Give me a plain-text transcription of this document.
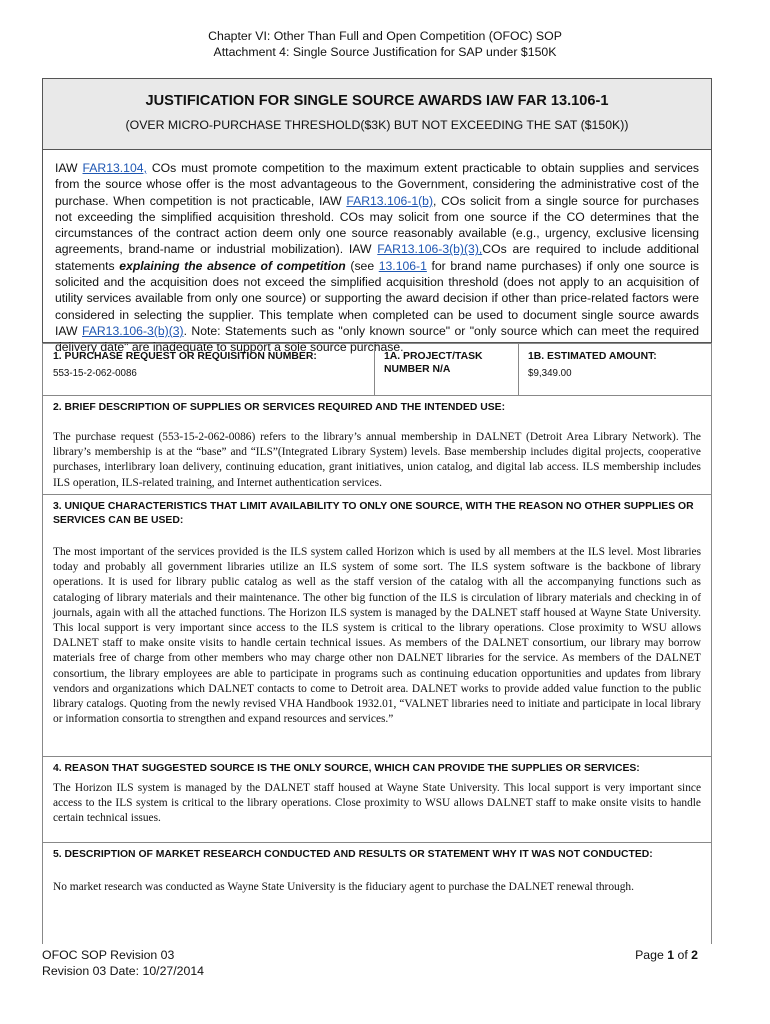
Chapter VI: Other Than Full and Open Competition (OFOC) SOP
Attachment 4: Single Source Justification for SAP under $150K
JUSTIFICATION FOR SINGLE SOURCE AWARDS IAW FAR 13.106-1
(OVER MICRO-PURCHASE THRESHOLD($3K) BUT NOT EXCEEDING THE SAT ($150K))
IAW FAR13.104, COs must promote competition to the maximum extent practicable to obtain supplies and services from the source whose offer is the most advantageous to the Government, considering the administrative cost of the purchase. When competition is not practicable, IAW FAR13.106-1(b), COs solicit from a single source for purchases not exceeding the simplified acquisition threshold. COs may solicit from one source if the CO determines that the circumstances of the contract action deem only one source reasonably available (e.g., urgency, exclusive licensing agreements, brand-name or industrial mobilization). IAW FAR13.106-3(b)(3),COs are required to include additional statements explaining the absence of competition (see 13.106-1 for brand name purchases) if only one source is solicited and the acquisition does not exceed the simplified acquisition threshold (does not apply to an acquisition of utility services available from only one source) or supporting the award decision if other than price-related factors were considered in selecting the supplier. This template when completed can be used to document single source awards IAW FAR13.106-3(b)(3). Note: Statements such as "only known source" or "only source which can meet the required delivery date" are inadequate to support a sole source purchase.
1. PURCHASE REQUEST OR REQUISITION NUMBER:
553-15-2-062-0086
1A. PROJECT/TASK
NUMBER N/A
1B. ESTIMATED AMOUNT:
$9,349.00
2. BRIEF DESCRIPTION OF SUPPLIES OR SERVICES REQUIRED AND THE INTENDED USE:
The purchase request (553-15-2-062-0086) refers to the library’s annual membership in DALNET (Detroit Area Library Network). The library’s membership is at the “base” and “ILS”(Integrated Library System) levels. Base membership includes digital projects, cooperative purchases, interlibrary loan delivery, continuing education, grant initiatives, union catalog, and digital lab access. ILS membership includes ILS operation, ILS-related training, and Internet authentication services.
3. UNIQUE CHARACTERISTICS THAT LIMIT AVAILABILITY TO ONLY ONE SOURCE, WITH THE REASON NO OTHER SUPPLIES OR SERVICES CAN BE USED:
The most important of the services provided is the ILS system called Horizon which is used by all members at the ILS level. Most libraries today and probably all government libraries utilize an ILS system of some sort. The ILS system software is the backbone of library operations. It is used for library public catalog as well as the staff version of the catalog with all the accompanying functions such as cataloging of library materials and their maintenance. The other big function of the ILS is circulation of library materials and checking in of journals, again with all the attached functions. The Horizon ILS system is managed by the DALNET staff housed at Wayne State University. This local support is very important since access to the ILS system is critical to the library operations. Close proximity to WSU allows DALNET staff to make onsite visits to handle certain technical issues. As members of the DALNET consortium, our library may borrow materials free of charge from other members who may charge other non DALNET libraries for the service. As members of the DALNET consortium, the library employees are able to participate in programs such as continuing education opportunities and updates from library vendors and organizations which DALNET contacts to come to Detroit area. DALNET works to provide added value function to the public library catalogs. Quoting from the newly revised VHA Handbook 1932.01, “VALNET libraries need to initiate and participate in local library or information consortia to strengthen and expand resources and services.”
4. REASON THAT SUGGESTED SOURCE IS THE ONLY SOURCE, WHICH CAN PROVIDE THE SUPPLIES OR SERVICES:
The Horizon ILS system is managed by the DALNET staff housed at Wayne State University. This local support is very important since access to the ILS system is critical to the library operations. Close proximity to WSU allows DALNET staff to make onsite visits to handle certain technical issues.
5. DESCRIPTION OF MARKET RESEARCH CONDUCTED AND RESULTS OR STATEMENT WHY IT WAS NOT CONDUCTED:
No market research was conducted as Wayne State University is the fiduciary agent to purchase the DALNET renewal through.
OFOC SOP Revision 03
Revision 03 Date: 10/27/2014
Page 1 of 2
